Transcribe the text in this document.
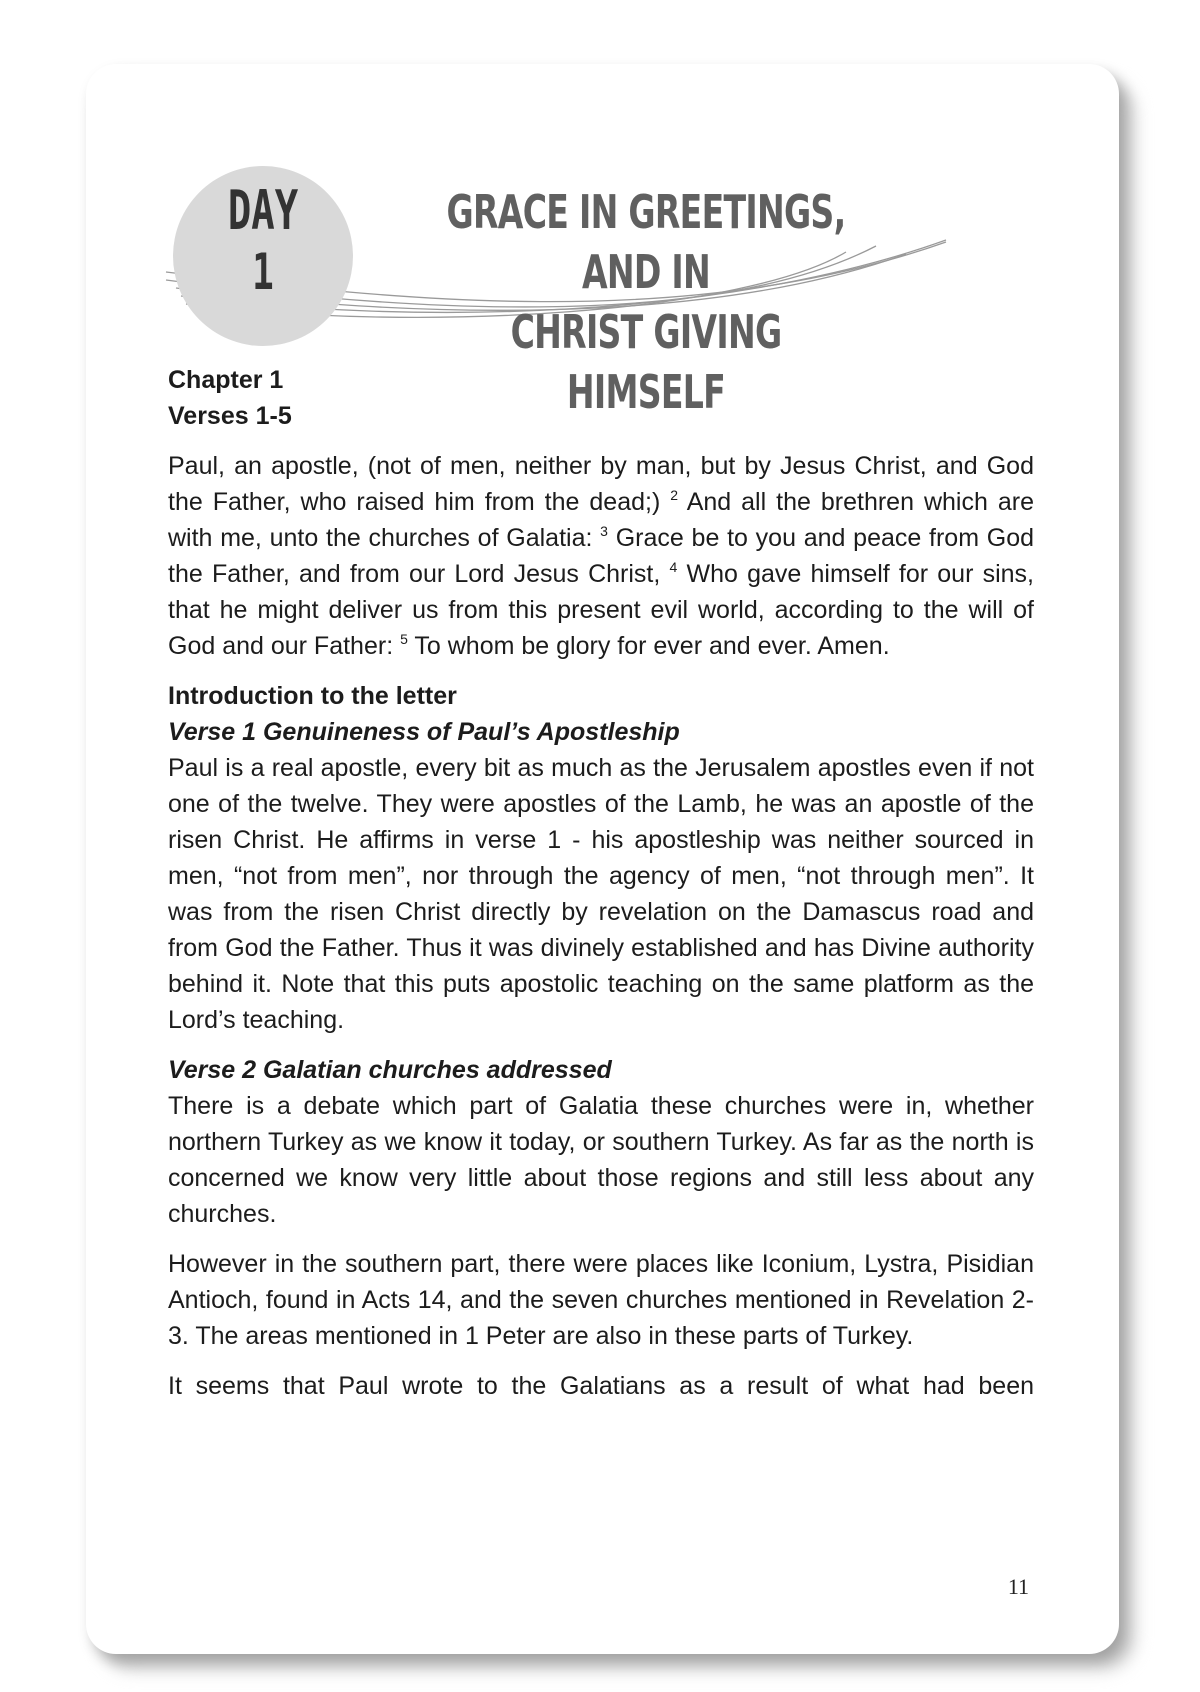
DAY
1
GRACE IN GREETINGS, AND IN
CHRIST GIVING HIMSELF
Chapter 1
Verses 1-5

Paul, an apostle, (not of men, neither by man, but by Jesus Christ, and God the Father, who raised him from the dead;) $^2$ And all the brethren which are with me, unto the churches of Galatia: $^3$ Grace be to you and peace from God the Father, and from our Lord Jesus Christ, $^4$ Who gave himself for our sins, that he might deliver us from this present evil world, according to the will of God and our Father: $^5$ To whom be glory for ever and ever. Amen.

Introduction to the letter

Verse 1 Genuineness of Paul’s Apostleship

Paul is a real apostle, every bit as much as the Jerusalem apostles even if not one of the twelve. They were apostles of the Lamb, he was an apostle of the risen Christ. He affirms in verse 1 - his apostleship was neither sourced in men, “not from men”, nor through the agency of men, “not through men”. It was from the risen Christ directly by revelation on the Damascus road and from God the Father. Thus it was divinely established and has Divine authority behind it. Note that this puts apostolic teaching on the same platform as the Lord’s teaching.

Verse 2 Galatian churches addressed

There is a debate which part of Galatia these churches were in, whether northern Turkey as we know it today, or southern Turkey. As far as the north is concerned we know very little about those regions and still less about any churches.

However in the southern part, there were places like Iconium, Lystra, Pisidian Antioch, found in Acts 14, and the seven churches mentioned in Revelation 2-3. The areas mentioned in 1 Peter are also in these parts of Turkey.

It seems that Paul wrote to the Galatians as a result of what had been

11
